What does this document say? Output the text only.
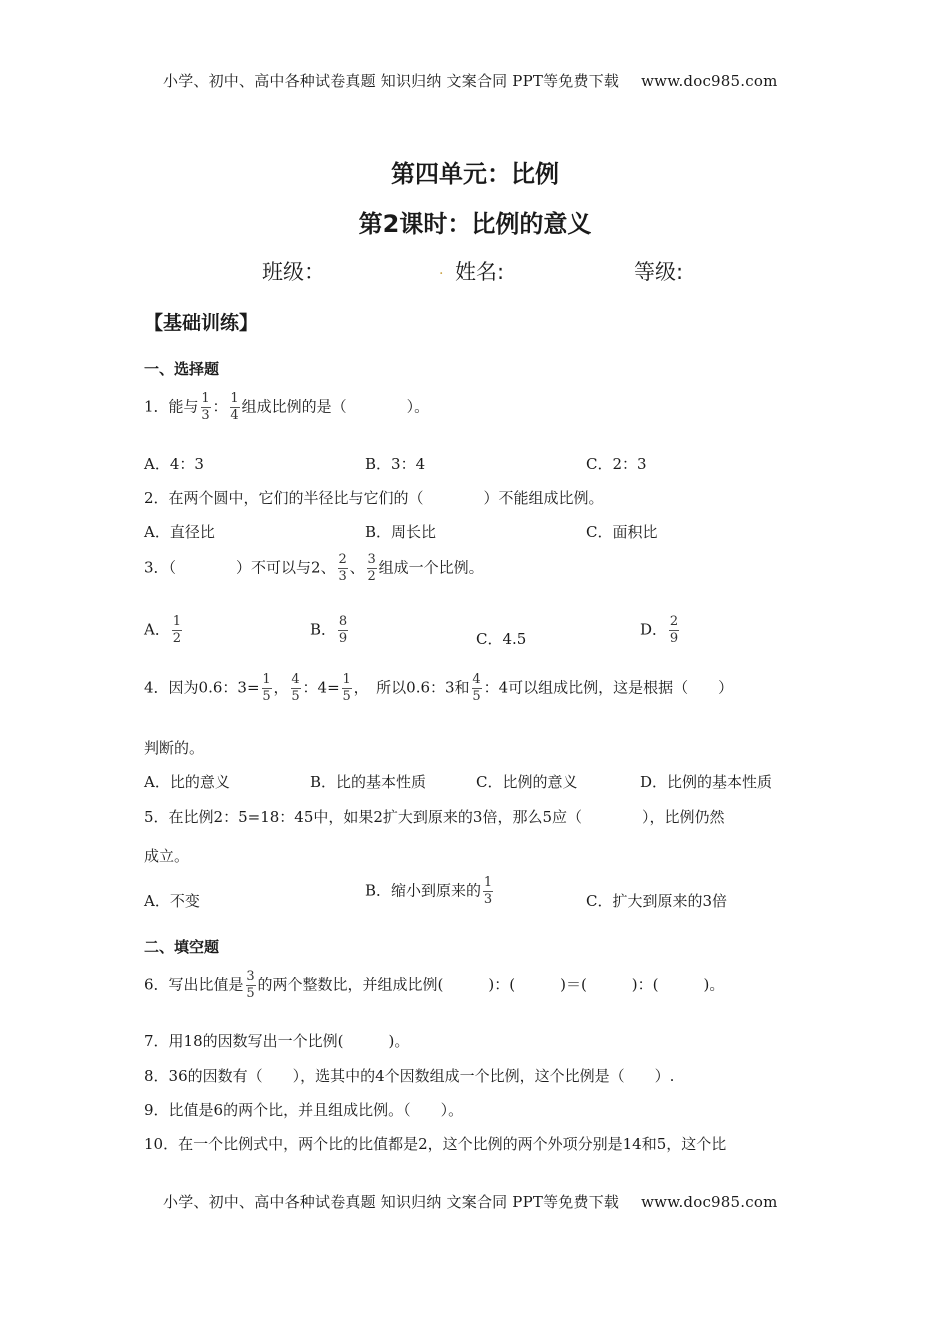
小学、初中、高中各种试卷真题 知识归纳 文案合同 PPT等免费下载 www.doc985.com
第四单元：比例
第2课时：比例的意义
班级：	. 姓名:	等级:
【基础训练】
一、选择题
1．能与 $\frac{1}{3}$ ： $\frac{1}{4}$ 组成比例的是（　　　　）。
A．4：3	B．3：4	C．2：3
2．在两个圆中，它们的半径比与它们的（　　　　）不能组成比例。
A．直径比	B．周长比	C．面积比
3．（　　　　）不可以与2、 $\frac{2}{3}$ 、 $\frac{3}{2}$ 组成一个比例。
A． $\frac{1}{2}$	B． $\frac{8}{9}$	C．4.5
D． $\frac{2}{9}$
4．因为0.6：$3= \frac{1}{5}$ ， $\frac{4}{5}$ ：$4= \frac{1}{5}$ ，　所以0.6：3和 $\frac{4}{5}$ ：4可以组成比例，这是根据（　　）
判断的。
A．比的意义	B．比的基本性质	C．比例的意义	D．比例的基本性质
5．在比例2：5=18：45中，如果2扩大到原来的3倍，那么5应（　　　　），比例仍然
成立。
A．不变
B．缩小到原来的 $\frac{1}{3}$	C．扩大到原来的3倍
二、填空题
6．写出比值是 $\frac{3}{5}$ 的两个整数比，并组成比例(　　　)：(　　　)＝(　　　)：(　　　)。
7．用18的因数写出一个比例(　　　)。
8．36的因数有（　　），选其中的4个因数组成一个比例，这个比例是（　　）.
9．比值是6的两个比，并且组成比例。（　　）。
10．在一个比例式中，两个比的比值都是2，这个比例的两个外项分别是14和5，这个比
小学、初中、高中各种试卷真题 知识归纳 文案合同 PPT等免费下载 www.doc985.com
